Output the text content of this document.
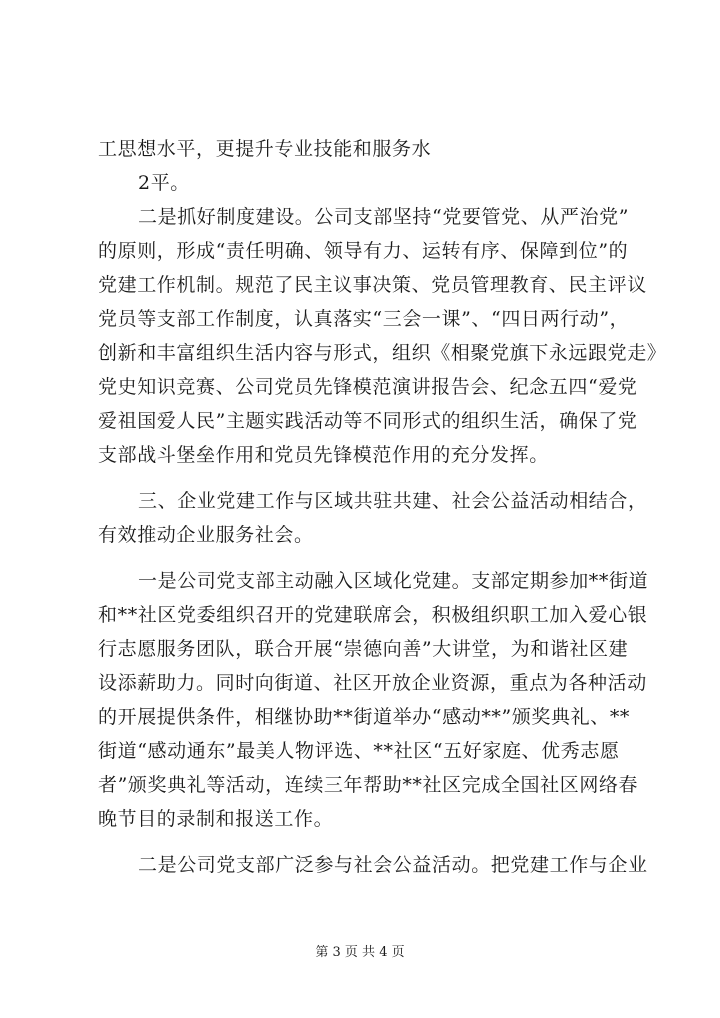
工思想水平，更提升专业技能和服务水
2平。
二是抓好制度建设。公司支部坚持“党要管党、从严治党”
的原则，形成“责任明确、领导有力、运转有序、保障到位”的
党建工作机制。规范了民主议事决策、党员管理教育、民主评议
党员等支部工作制度，认真落实“三会一课”、“四日两行动”，
创新和丰富组织生活内容与形式，组织《相聚党旗下永远跟党走》
党史知识竞赛、公司党员先锋模范演讲报告会、纪念五四“爱党
爱祖国爱人民”主题实践活动等不同形式的组织生活，确保了党
支部战斗堡垒作用和党员先锋模范作用的充分发挥。
三、企业党建工作与区域共驻共建、社会公益活动相结合，
有效推动企业服务社会。
一是公司党支部主动融入区域化党建。支部定期参加**街道
和**社区党委组织召开的党建联席会，积极组织职工加入爱心银
行志愿服务团队，联合开展“崇德向善”大讲堂，为和谐社区建
设添薪助力。同时向街道、社区开放企业资源，重点为各种活动
的开展提供条件，相继协助**街道举办“感动**”颁奖典礼、**
街道“感动通东”最美人物评选、**社区“五好家庭、优秀志愿
者”颁奖典礼等活动，连续三年帮助**社区完成全国社区网络春
晚节目的录制和报送工作。
二是公司党支部广泛参与社会公益活动。把党建工作与企业
第 3 页 共 4 页
